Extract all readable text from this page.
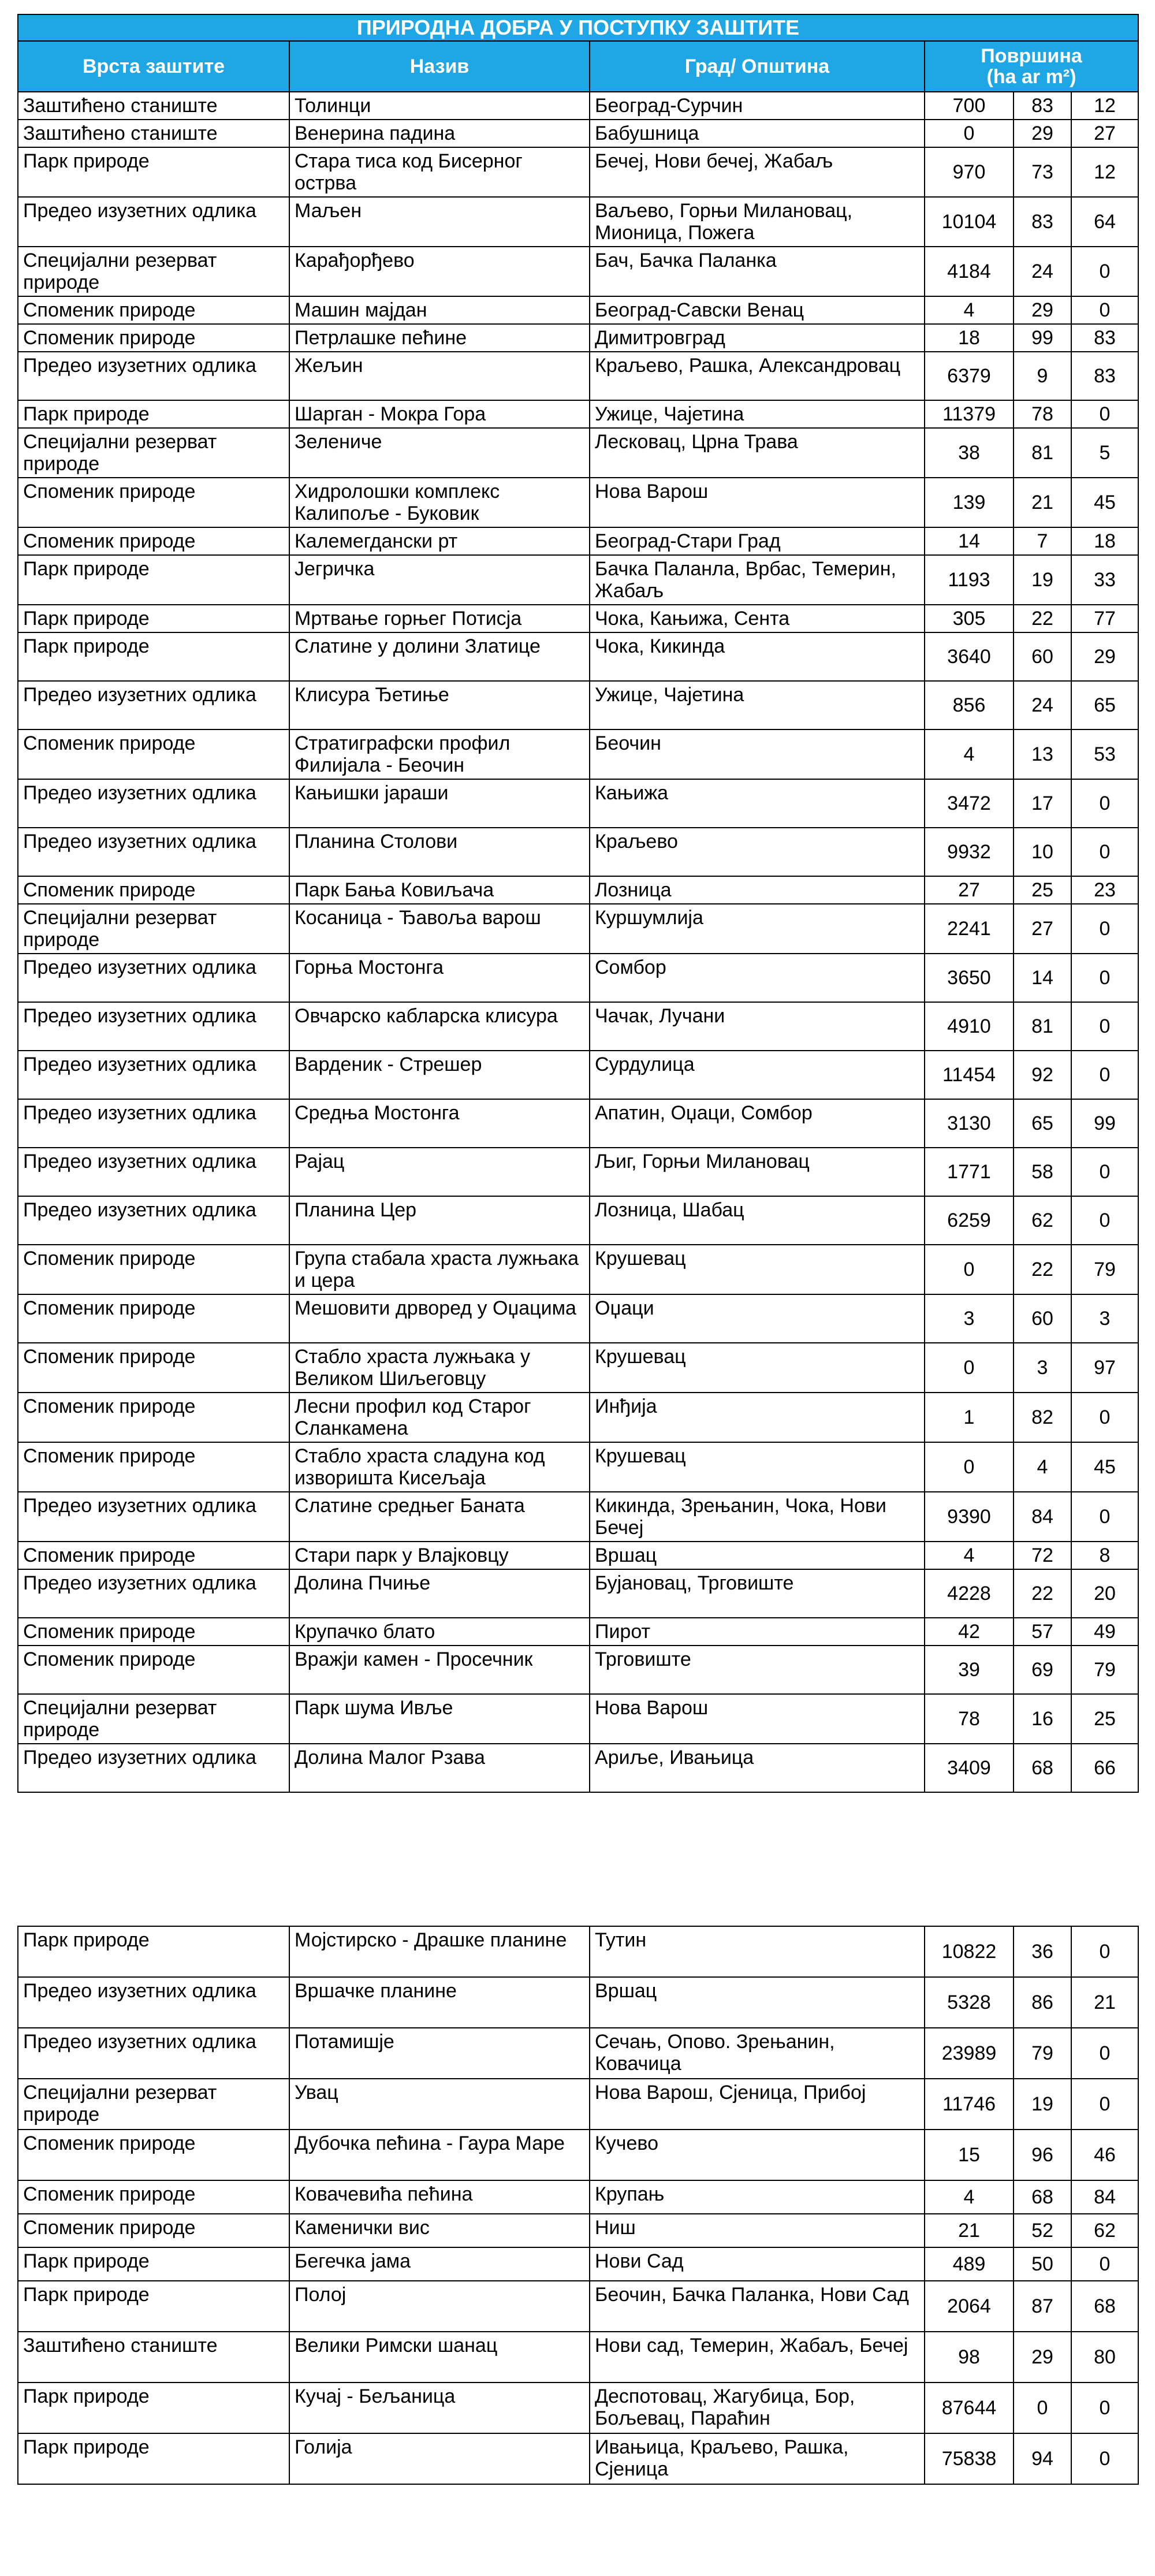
ПРИРОДНА ДОБРА У ПОСТУПКУ ЗАШТИТЕ					
Врста заштите	Назив	Град/ Општина	Површина
(ha ar m²)		
Заштићено станиште	Толинци	Београд-Сурчин	700	83	12
Заштићено станиште	Венерина падина	Бабушница	0	29	27
Парк природе	Стара тиса код Бисерног острва	Бечеј, Нови бечеј, Жабаљ	970	73	12
Предео изузетних одлика	Маљен	Ваљево, Горњи Милановац, Мионица, Пожега	10104	83	64
Специјални резерват природе	Карађорђево	Бач, Бачка Паланка	4184	24	0
Споменик природе	Машин мајдан	Београд-Савски Венац	4	29	0
Споменик природе	Петрлашке пећине	Димитровград	18	99	83
Предео изузетних одлика	Жељин	Краљево, Рашка, Александровац	6379	9	83
Парк природе	Шарган - Мокра Гора	Ужице, Чајетина	11379	78	0
Специјални резерват природе	Зелениче	Лесковац, Црна Трава	38	81	5
Споменик природе	Хидролошки комплекс Калипоље - Буковик	Нова Варош	139	21	45
Споменик природе	Калемегдански рт	Београд-Стари Град	14	7	18
Парк природе	Јегричка	Бачка Паланла, Врбас, Темерин, Жабаљ	1193	19	33
Парк природе	Мртвање горњег Потисја	Чока, Кањижа, Сента	305	22	77
Парк природе	Слатине у долини Златице	Чока, Кикинда	3640	60	29
Предео изузетних одлика	Клисура Ђетиње	Ужице, Чајетина	856	24	65
Споменик природе	Стратиграфски профил Филијала - Беочин	Беочин	4	13	53
Предео изузетних одлика	Кањишки јараши	Кањижа	3472	17	0
Предео изузетних одлика	Планина Столови	Краљево	9932	10	0
Споменик природе	Парк Бања Ковиљача	Лозница	27	25	23
Специјални резерват природе	Косаница - Ђавоља варош	Куршумлија	2241	27	0
Предео изузетних одлика	Горња Мостонга	Сомбор	3650	14	0
Предео изузетних одлика	Овчарско кабларска клисура	Чачак, Лучани	4910	81	0
Предео изузетних одлика	Варденик - Стрешер	Сурдулица	11454	92	0
Предео изузетних одлика	Средња Мостонга	Апатин, Оџаци, Сомбор	3130	65	99
Предео изузетних одлика	Рајац	Љиг, Горњи Милановац	1771	58	0
Предео изузетних одлика	Планина Цер	Лозница, Шабац	6259	62	0
Споменик природе	Група стабала храста лужњака и цера	Крушевац	0	22	79
Споменик природе	Мешовити дрворед у Оџацима	Оџаци	3	60	3
Споменик природе	Стабло храста лужњака у Великом Шиљеговцу	Крушевац	0	3	97
Споменик природе	Лесни профил код Старог Сланкамена	Инђија	1	82	0
Споменик природе	Стабло храста сладуна код изворишта Кисељаја	Крушевац	0	4	45
Предео изузетних одлика	Слатине средњег Баната	Кикинда, Зрењанин, Чока, Нови Бечеј	9390	84	0
Споменик природе	Стари парк у Влајковцу	Вршац	4	72	8
Предео изузетних одлика	Долина Пчиње	Бујановац, Трговиште	4228	22	20
Споменик природе	Крупачко блато	Пирот	42	57	49
Споменик природе	Вражји камен - Просечник	Трговиште	39	69	79
Специјални резерват природе	Парк шума Ивље	Нова Варош	78	16	25
Предео изузетних одлика	Долина Малог Рзава	Ариље, Ивањица	3409	68	66
Парк природе	Мојстирско - Драшке планине	Тутин	10822	36	0
Предео изузетних одлика	Вршачке планине	Вршац	5328	86	21
Предео изузетних одлика	Потамишје	Сечањ, Опово. Зрењанин, Ковачица	23989	79	0
Специјални резерват природе	Увац	Нова Варош, Сјеница, Прибој	11746	19	0
Споменик природе	Дубочка пећина - Гаура Маре	Кучево	15	96	46
Споменик природе	Ковачевића пећина	Крупањ	4	68	84
Споменик природе	Каменички вис	Ниш	21	52	62
Парк природе	Бегечка јама	Нови Сад	489	50	0
Парк природе	Полој	Беочин, Бачка Паланка, Нови Сад	2064	87	68
Заштићено станиште	Велики Римски шанац	Нови сад, Темерин, Жабаљ, Бечеј	98	29	80
Парк природе	Кучај - Бељаница	Деспотовац, Жагубица, Бор, Бољевац, Параћин	87644	0	0
Парк природе	Голија	Ивањица, Краљево, Рашка, Сјеница	75838	94	0
